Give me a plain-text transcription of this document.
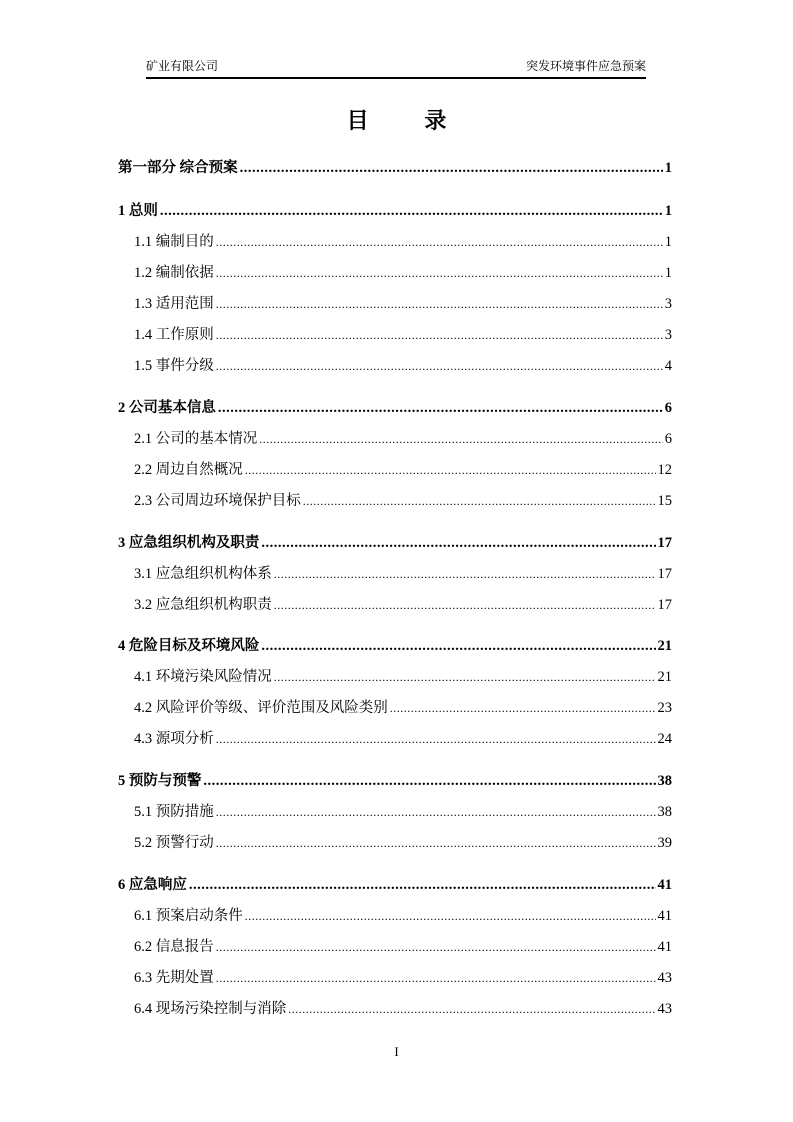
矿业有限公司	突发环境事件应急预案
目 录
第一部分 综合预案 .....	1
1 总则 .....	1
1.1 编制目的 .....	1
1.2 编制依据 .....	1
1.3 适用范围 .....	3
1.4 工作原则 .....	3
1.5 事件分级 .....	4
2 公司基本信息 .....	6
2.1 公司的基本情况 .....	6
2.2 周边自然概况 .....	12
2.3 公司周边环境保护目标 .....	15
3 应急组织机构及职责 .....	17
3.1 应急组织机构体系 .....	17
3.2 应急组织机构职责 .....	17
4 危险目标及环境风险 .....	21
4.1 环境污染风险情况 .....	21
4.2 风险评价等级、评价范围及风险类别 .....	23
4.3 源项分析 .....	24
5 预防与预警 .....	38
5.1 预防措施 .....	38
5.2 预警行动 .....	39
6 应急响应 .....	41
6.1 预案启动条件 .....	41
6.2 信息报告 .....	41
6.3 先期处置 .....	43
6.4 现场污染控制与消除 .....	43
I
